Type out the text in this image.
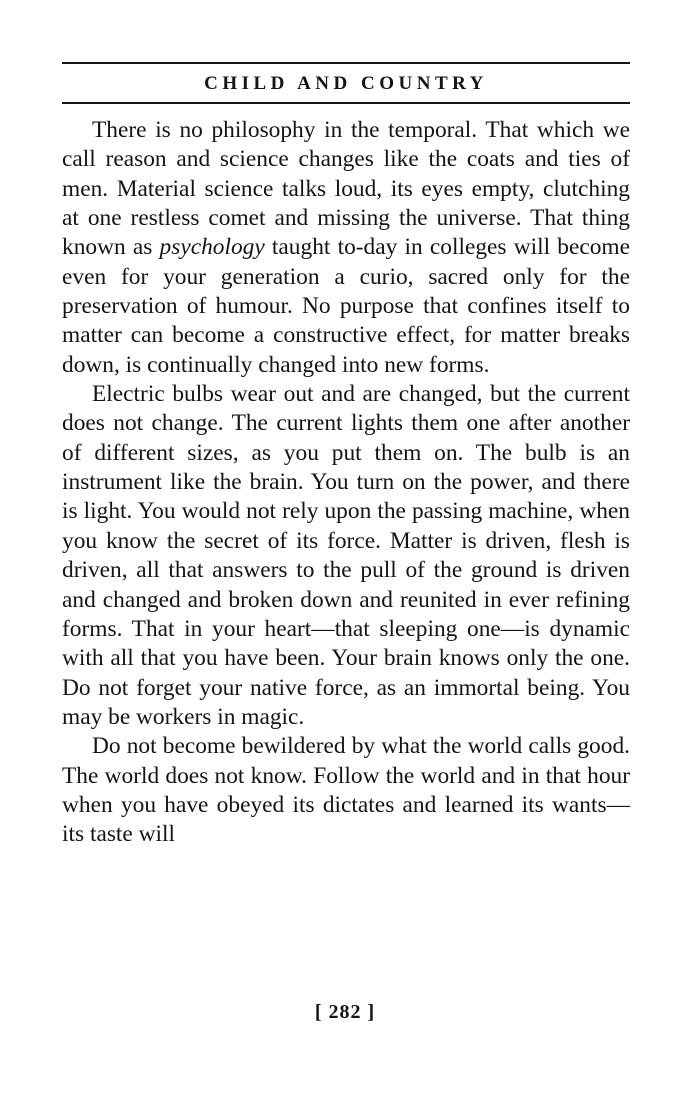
CHILD AND COUNTRY

There is no philosophy in the temporal. That which we call reason and science changes like the coats and ties of men. Material science talks loud, its eyes empty, clutching at one restless comet and missing the universe. That thing known as psychology taught to-day in colleges will become even for your generation a curio, sacred only for the preservation of humour. No purpose that confines itself to matter can become a constructive effect, for matter breaks down, is continually changed into new forms.

Electric bulbs wear out and are changed, but the current does not change. The current lights them one after another of different sizes, as you put them on. The bulb is an instrument like the brain. You turn on the power, and there is light. You would not rely upon the passing machine, when you know the secret of its force. Matter is driven, flesh is driven, all that answers to the pull of the ground is driven and changed and broken down and reunited in ever refining forms. That in your heart—that sleeping one—is dynamic with all that you have been. Your brain knows only the one. Do not forget your native force, as an immortal being. You may be workers in magic.

Do not become bewildered by what the world calls good. The world does not know. Follow the world and in that hour when you have obeyed its dictates and learned its wants—its taste will

[ 282 ]
